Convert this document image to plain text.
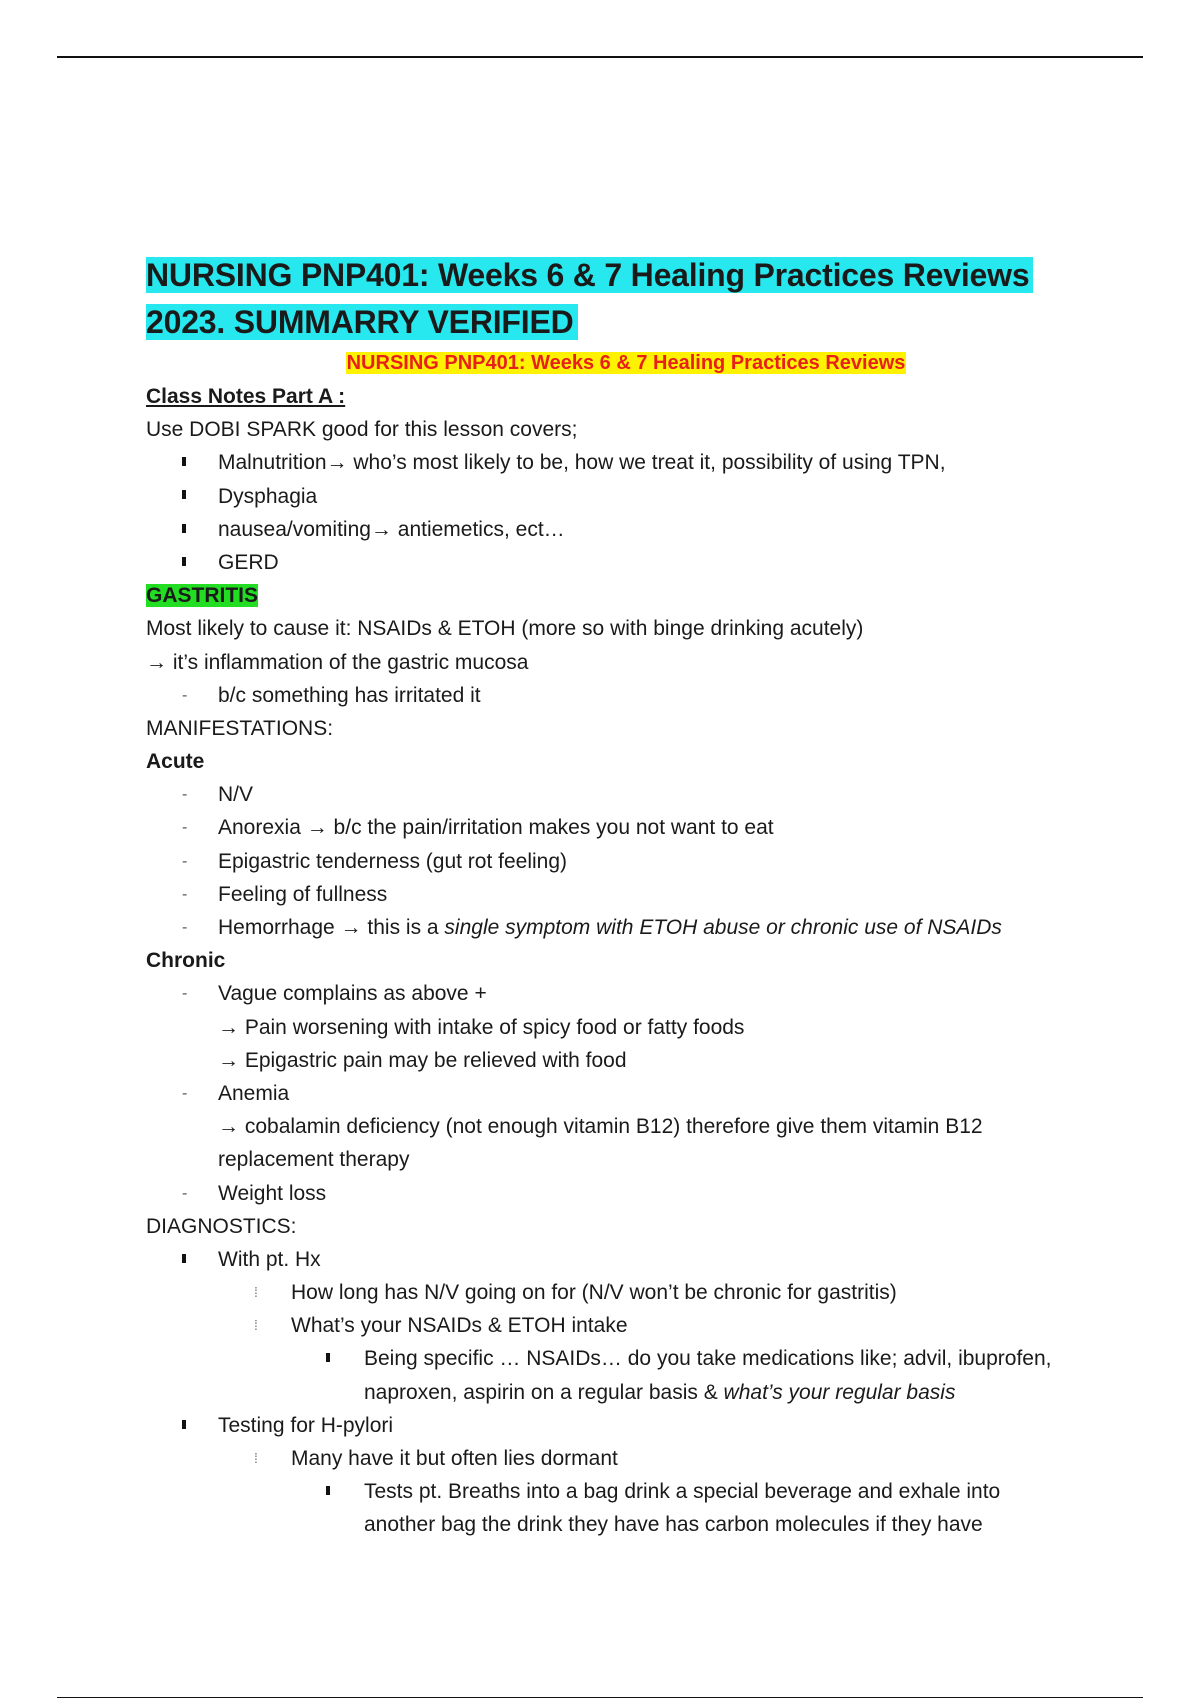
NURSING PNP401: Weeks 6 & 7 Healing Practices Reviews
2023. SUMMARRY VERIFIED

NURSING PNP401: Weeks 6 & 7 Healing Practices Reviews

Class Notes Part A :

Use DOBI SPARK good for this lesson covers;

Malnutrition→ who’s most likely to be, how we treat it, possibility of using TPN,
Dysphagia
nausea/vomiting→ antiemetics, ect…
GERD

GASTRITIS

Most likely to cause it: NSAIDs & ETOH (more so with binge drinking acutely)

→ it’s inflammation of the gastric mucosa

- b/c something has irritated it

MANIFESTATIONS:

Acute

- N/V
- Anorexia → b/c the pain/irritation makes you not want to eat
- Epigastric tenderness (gut rot feeling)
- Feeling of fullness
- Hemorrhage → this is a single symptom with ETOH abuse or chronic use of NSAIDs

Chronic

- Vague complains as above +
→ Pain worsening with intake of spicy food or fatty foods
→ Epigastric pain may be relieved with food
- Anemia
→ cobalamin deficiency (not enough vitamin B12) therefore give them vitamin B12
replacement therapy
- Weight loss

DIAGNOSTICS:

With pt. Hx
⁞ How long has N/V going on for (N/V won’t be chronic for gastritis)
⁞ What’s your NSAIDs & ETOH intake
Being specific … NSAIDs… do you take medications like; advil, ibuprofen,
naproxen, aspirin on a regular basis & what’s your regular basis
Testing for H-pylori
⁞ Many have it but often lies dormant
Tests pt. Breaths into a bag drink a special beverage and exhale into
another bag the drink they have has carbon molecules if they have
